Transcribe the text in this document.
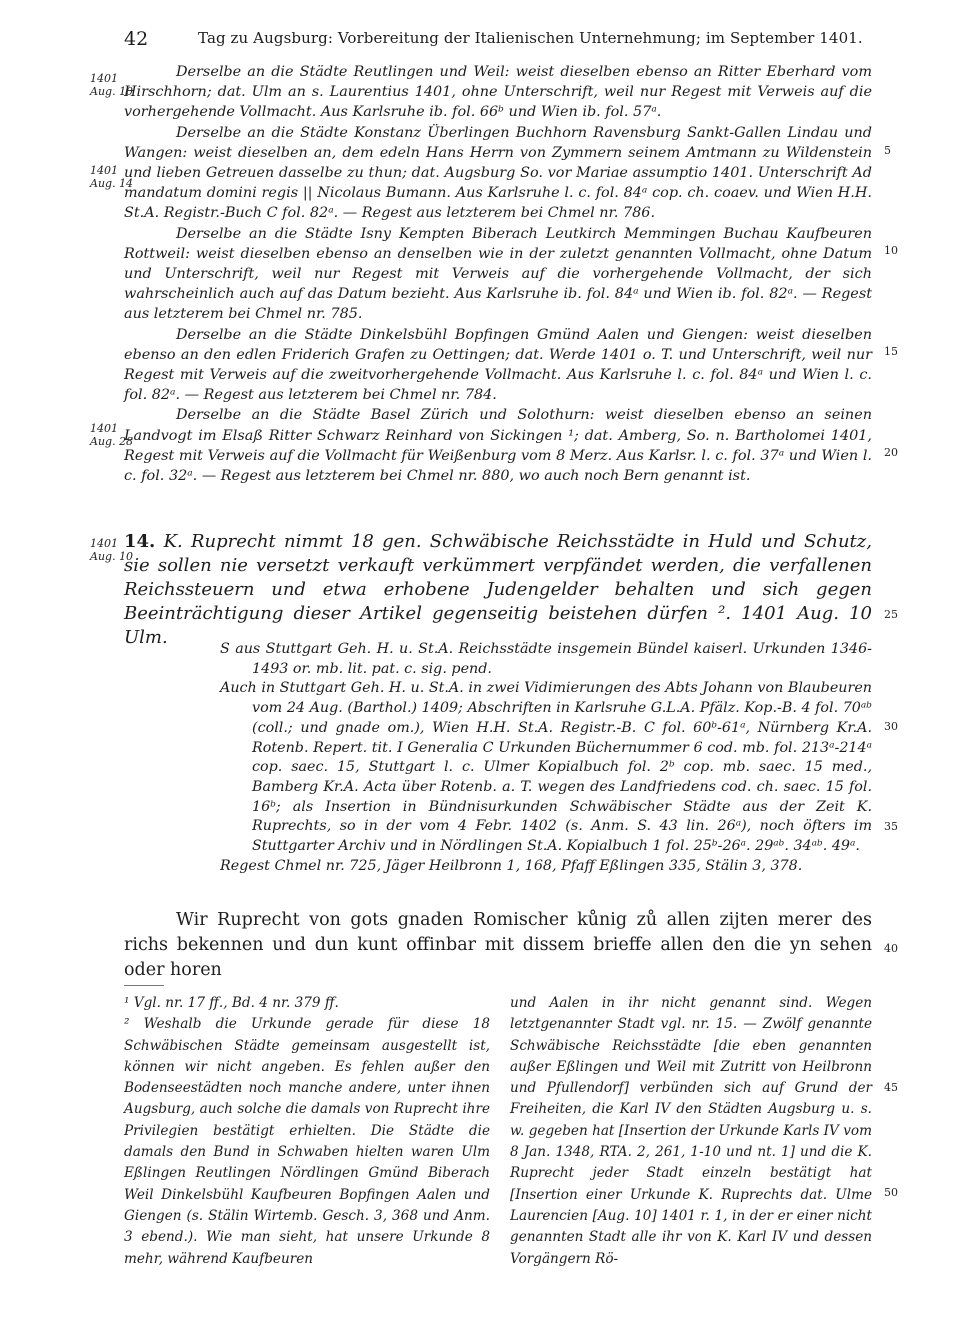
42	Tag zu Augsburg: Vorbereitung der Italienischen Unternehmung; im September 1401.
1401
Aug. 10
1401
Aug. 14
1401
Aug. 28
1401
Aug. 10
5
10
15
20
25
30
35
40
45
50

Derselbe an die Städte Reutlingen und Weil: weist dieselben ebenso an Ritter Eberhard vom Hirschhorn; dat. Ulm an s. Laurentius 1401, ohne Unterschrift, weil nur Regest mit Verweis auf die vorhergehende Vollmacht. Aus Karlsruhe ib. fol. 66ᵇ und Wien ib. fol. 57ᵃ.

Derselbe an die Städte Konstanz Überlingen Buchhorn Ravensburg Sankt-Gallen Lindau und Wangen: weist dieselben an, dem edeln Hans Herrn von Zymmern seinem Amtmann zu Wildenstein und lieben Getreuen dasselbe zu thun; dat. Augsburg So. vor Mariae assumptio 1401. Unterschrift Ad mandatum domini regis || Nicolaus Bumann. Aus Karlsruhe l. c. fol. 84ᵃ cop. ch. coaev. und Wien H.H. St.A. Registr.-Buch C fol. 82ᵃ. — Regest aus letzterem bei Chmel nr. 786.

Derselbe an die Städte Isny Kempten Biberach Leutkirch Memmingen Buchau Kaufbeuren Rottweil: weist dieselben ebenso an denselben wie in der zuletzt genannten Vollmacht, ohne Datum und Unterschrift, weil nur Regest mit Verweis auf die vorhergehende Vollmacht, der sich wahrscheinlich auch auf das Datum bezieht. Aus Karlsruhe ib. fol. 84ᵃ und Wien ib. fol. 82ᵃ. — Regest aus letzterem bei Chmel nr. 785.

Derselbe an die Städte Dinkelsbühl Bopfingen Gmünd Aalen und Giengen: weist dieselben ebenso an den edlen Friderich Grafen zu Oettingen; dat. Werde 1401 o. T. und Unterschrift, weil nur Regest mit Verweis auf die zweitvorhergehende Vollmacht. Aus Karlsruhe l. c. fol. 84ᵃ und Wien l. c. fol. 82ᵃ. — Regest aus letzterem bei Chmel nr. 784.

Derselbe an die Städte Basel Zürich und Solothurn: weist dieselben ebenso an seinen Landvogt im Elsaß Ritter Schwarz Reinhard von Sickingen ¹; dat. Amberg, So. n. Bartholomei 1401, Regest mit Verweis auf die Vollmacht für Weißenburg vom 8 Merz. Aus Karlsr. l. c. fol. 37ᵃ und Wien l. c. fol. 32ᵃ. — Regest aus letzterem bei Chmel nr. 880, wo auch noch Bern genannt ist.

14. K. Ruprecht nimmt 18 gen. Schwäbische Reichsstädte in Huld und Schutz, sie sollen nie versetzt verkauft verkümmert verpfändet werden, die verfallenen Reichssteuern und etwa erhobene Judengelder behalten und sich gegen Beeinträchtigung dieser Artikel gegenseitig beistehen dürfen ². 1401 Aug. 10 Ulm.

S aus Stuttgart Geh. H. u. St.A. Reichsstädte insgemein Bündel kaiserl. Urkunden 1346-1493 or. mb. lit. pat. c. sig. pend.

Auch in Stuttgart Geh. H. u. St.A. in zwei Vidimierungen des Abts Johann von Blaubeuren vom 24 Aug. (Barthol.) 1409; Abschriften in Karlsruhe G.L.A. Pfälz. Kop.-B. 4 fol. 70ᵃᵇ (coll.; und gnade om.), Wien H.H. St.A. Registr.-B. C fol. 60ᵇ-61ᵃ, Nürnberg Kr.A. Rotenb. Repert. tit. I Generalia C Urkunden Büchernummer 6 cod. mb. fol. 213ᵃ-214ᵃ cop. saec. 15, Stuttgart l. c. Ulmer Kopialbuch fol. 2ᵇ cop. mb. saec. 15 med., Bamberg Kr.A. Acta über Rotenb. a. T. wegen des Landfriedens cod. ch. saec. 15 fol. 16ᵇ; als Insertion in Bündnisurkunden Schwäbischer Städte aus der Zeit K. Ruprechts, so in der vom 4 Febr. 1402 (s. Anm. S. 43 lin. 26ᵃ), noch öfters im Stuttgarter Archiv und in Nördlingen St.A. Kopialbuch 1 fol. 25ᵇ-26ᵃ. 29ᵃᵇ. 34ᵃᵇ. 49ᵃ.

Regest Chmel nr. 725, Jäger Heilbronn 1, 168, Pfaff Eßlingen 335, Stälin 3, 378.

Wir Ruprecht von gots gnaden Romischer kůnig zů allen zijten merer des richs bekennen und dun kunt offinbar mit dissem brieffe allen den die yn sehen oder horen

¹ Vgl. nr. 17 ff., Bd. 4 nr. 379 ff.

² Weshalb die Urkunde gerade für diese 18 Schwäbischen Städte gemeinsam ausgestellt ist, können wir nicht angeben. Es fehlen außer den Bodenseestädten noch manche andere, unter ihnen Augsburg, auch solche die damals von Ruprecht ihre Privilegien bestätigt erhielten. Die Städte die damals den Bund in Schwaben hielten waren Ulm Eßlingen Reutlingen Nördlingen Gmünd Biberach Weil Dinkelsbühl Kaufbeuren Bopfingen Aalen und Giengen (s. Stälin Wirtemb. Gesch. 3, 368 und Anm. 3 ebend.). Wie man sieht, hat unsere Urkunde 8 mehr, während Kaufbeuren

und Aalen in ihr nicht genannt sind. Wegen letztgenannter Stadt vgl. nr. 15. — Zwölf genannte Schwäbische Reichsstädte [die eben genannten außer Eßlingen und Weil mit Zutritt von Heilbronn und Pfullendorf] verbünden sich auf Grund der Freiheiten, die Karl IV den Städten Augsburg u. s. w. gegeben hat [Insertion der Urkunde Karls IV vom 8 Jan. 1348, RTA. 2, 261, 1-10 und nt. 1] und die K. Ruprecht jeder Stadt einzeln bestätigt hat [Insertion einer Urkunde K. Ruprechts dat. Ulme Laurencien [Aug. 10] 1401 r. 1, in der er einer nicht genannten Stadt alle ihr von K. Karl IV und dessen Vorgängern Rö-
